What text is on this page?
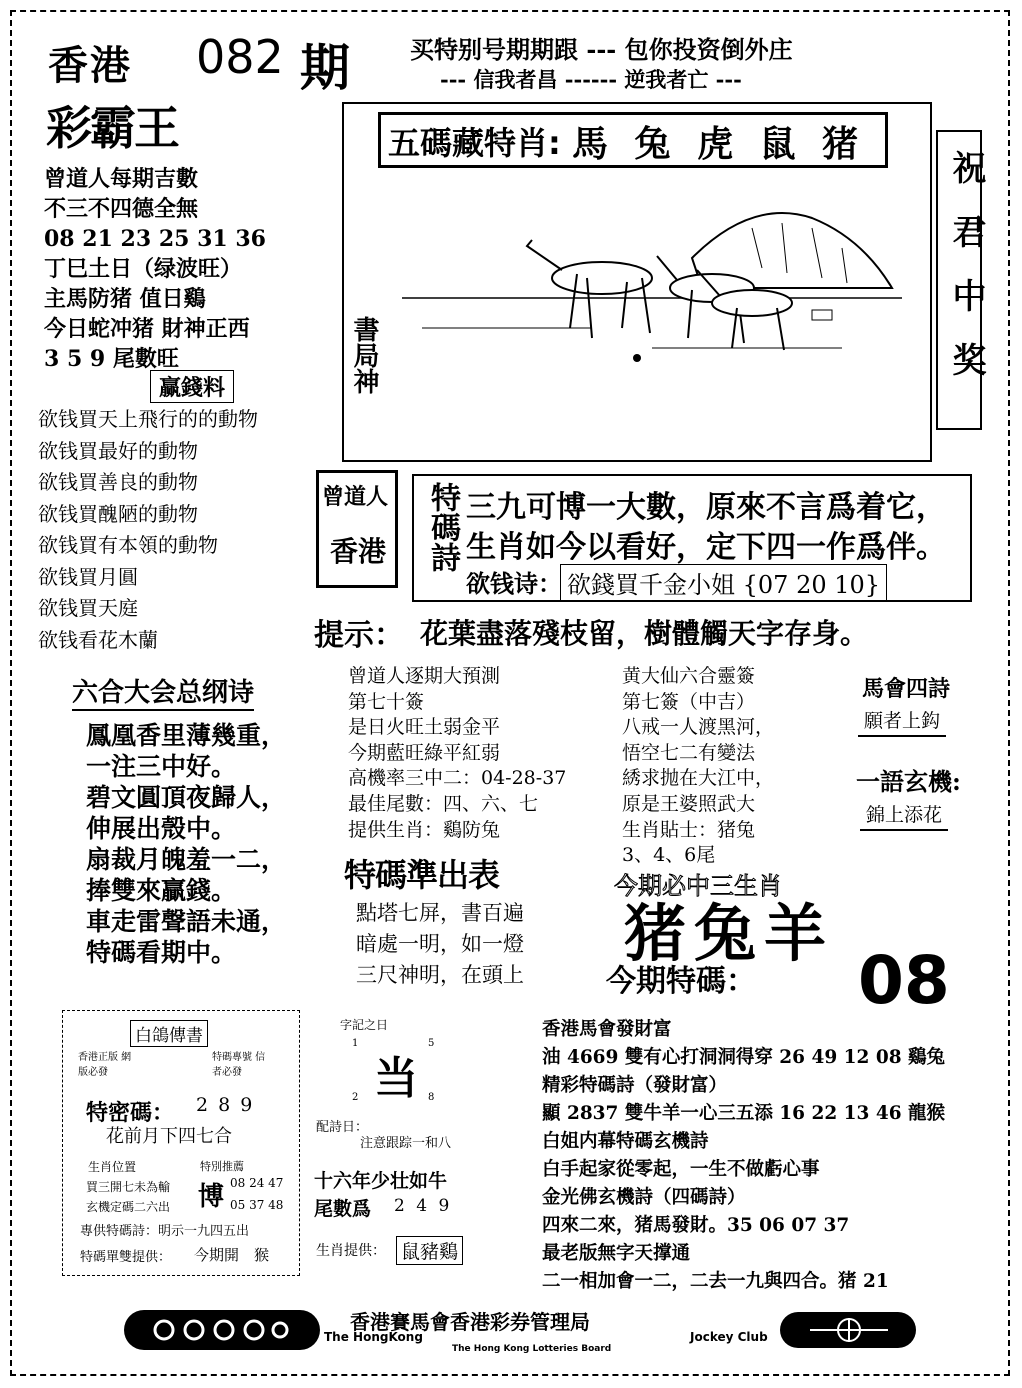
香港 082 期
彩霸王
买特别号期期跟 --- 包你投资倒外庄
--- 信我者昌 ------ 逆我者亡 ---
曾道人每期吉數
不三不四德全無
08 21 23 25 31 36
丁巳土日（绿波旺）
主馬防猪 值日鷄
今日蛇冲猪 財神正西
3 5 9 尾數旺
赢錢料
欲钱買天上飛行的的動物
欲钱買最好的動物
欲钱買善良的動物
欲钱買醜陋的動物
欲钱買有本領的動物
欲钱買月圓
欲钱買天庭
欲钱看花木蘭
五碼藏特肖: 馬 兔 虎 鼠 猪
書局神	祝君中奖
曾道人
香港 特碼詩 三九可博一大數，原來不言爲着它，
生肖如今以看好，定下四一作爲伴。
欲钱诗： 欲錢買千金小姐 {07 20 10}
提示： 花葉盡落殘枝留，樹體觸天字存身。
六合大会总纲诗
鳳凰香里薄幾重，
一注三中好。
碧文圓頂夜歸人，
伸展出殼中。
扇裁月魄羞一二，
捧雙來贏錢。
車走雷聲語未通，
特碼看期中。
曾道人逐期大預測
第七十簽
是日火旺土弱金平
今期藍旺綠平紅弱
高機率三中二：04-28-37
最佳尾數：四、六、七
提供生肖：鷄防兔
黄大仙六合靈簽
第七簽（中吉）
八戒一人渡黑河，
悟空七二有變法
綉求抛在大江中，
原是王婆照武大
生肖貼士：猪兔
3、4、6尾
馬會四詩
願者上鈎
一語玄機:
錦上添花
特碼準出表
點塔七屏，書百遍
暗處一明，如一燈
三尺神明，在頭上
今期必中三生肖
猪兔羊
今期特碼： 08
白鴿傳書
香港正版 網版必發
特碼專號 信者必發
特密碼： 2 8 9
花前月下四七合
生肖位置
買三開七未為輸
玄機定碼二六出
特別推薦
博 08 24 47
05 37 48
專供特碼詩：明示一九四五出
特碼單雙提供： 今期開　猴
字記之日
5
1
当
2	8
配詩日：
注意跟踪一和八
十六年少壮如牛
尾數爲 2 4 9
生肖提供： 鼠豬鷄
香港馬會發財富
油 4669 雙有心打洞洞得穿 26 49 12 08 鷄兔
精彩特碼詩（發財富）
顯 2837 雙牛羊一心三五添 16 22 13 46 龍猴
白姐内幕特碼玄機詩
白手起家從零起，一生不做虧心事
金光佛玄機詩（四碼詩）
四來二來，猪馬發財。35 06 07 37
最老版無字天撑通
二一相加會一二，二去一九與四合。猪 21
香港賽馬會香港彩券管理局
The HongKong	Jockey Club
The Hong Kong Lotteries Board
